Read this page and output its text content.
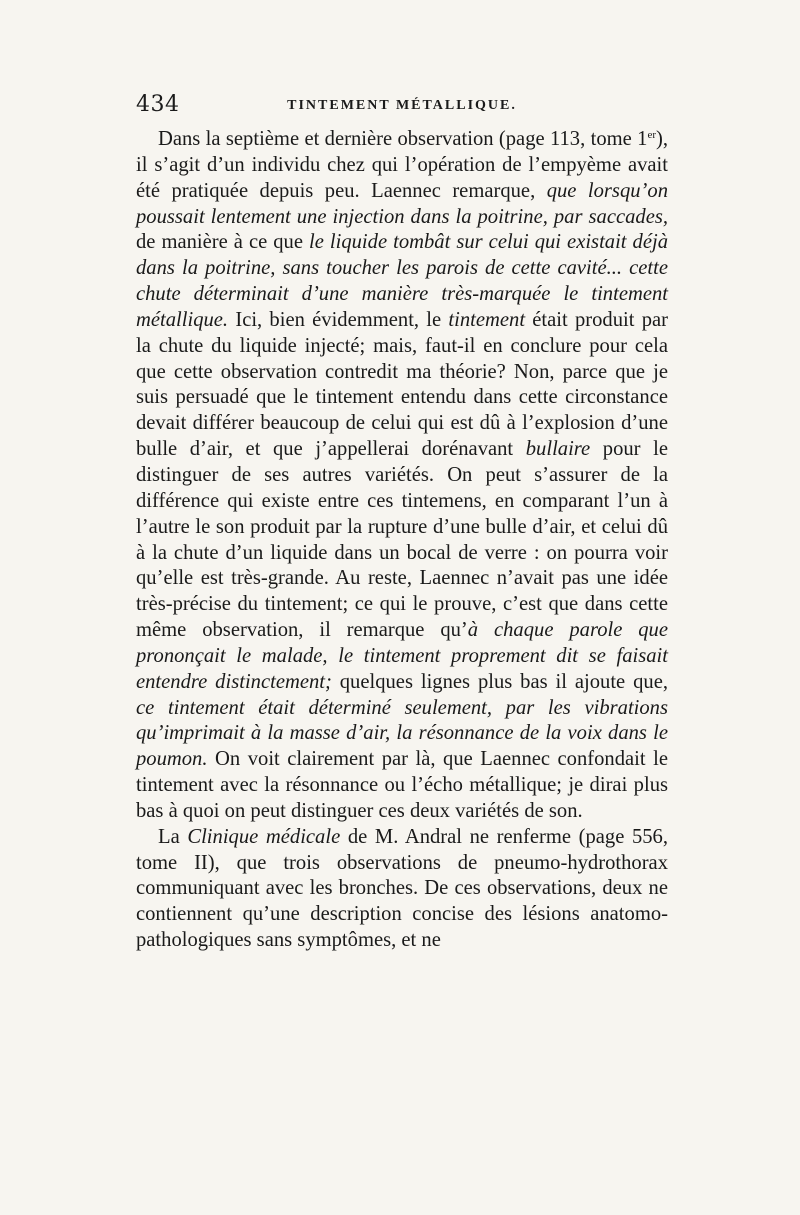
434	TINTEMENT MÉTALLIQUE.

Dans la septième et dernière observation (page 113, tome 1er), il s’agit d’un individu chez qui l’opération de l’empyème avait été pratiquée depuis peu. Laennec remarque, que lorsqu’on poussait lentement une injection dans la poitrine, par saccades, de manière à ce que le liquide tombât sur celui qui existait déjà dans la poitrine, sans toucher les parois de cette cavité... cette chute déterminait d’une manière très-marquée le tintement métallique. Ici, bien évidemment, le tintement était produit par la chute du liquide injecté; mais, faut-il en conclure pour cela que cette observation contredit ma théorie? Non, parce que je suis persuadé que le tintement entendu dans cette circonstance devait différer beaucoup de celui qui est dû à l’explosion d’une bulle d’air, et que j’appellerai dorénavant bullaire pour le distinguer de ses autres variétés. On peut s’assurer de la différence qui existe entre ces tintemens, en comparant l’un à l’autre le son produit par la rupture d’une bulle d’air, et celui dû à la chute d’un liquide dans un bocal de verre : on pourra voir qu’elle est très-grande. Au reste, Laennec n’avait pas une idée très-précise du tintement; ce qui le prouve, c’est que dans cette même observation, il remarque qu’à chaque parole que prononçait le malade, le tintement proprement dit se faisait entendre distinctement; quelques lignes plus bas il ajoute que, ce tintement était déterminé seulement, par les vibrations qu’imprimait à la masse d’air, la résonnance de la voix dans le poumon. On voit clairement par là, que Laennec confondait le tintement avec la résonnance ou l’écho métallique; je dirai plus bas à quoi on peut distinguer ces deux variétés de son.

La Clinique médicale de M. Andral ne renferme (page 556, tome II), que trois observations de pneumo-hydrothorax communiquant avec les bronches. De ces observations, deux ne contiennent qu’une description concise des lésions anatomo-pathologiques sans symptômes, et ne
